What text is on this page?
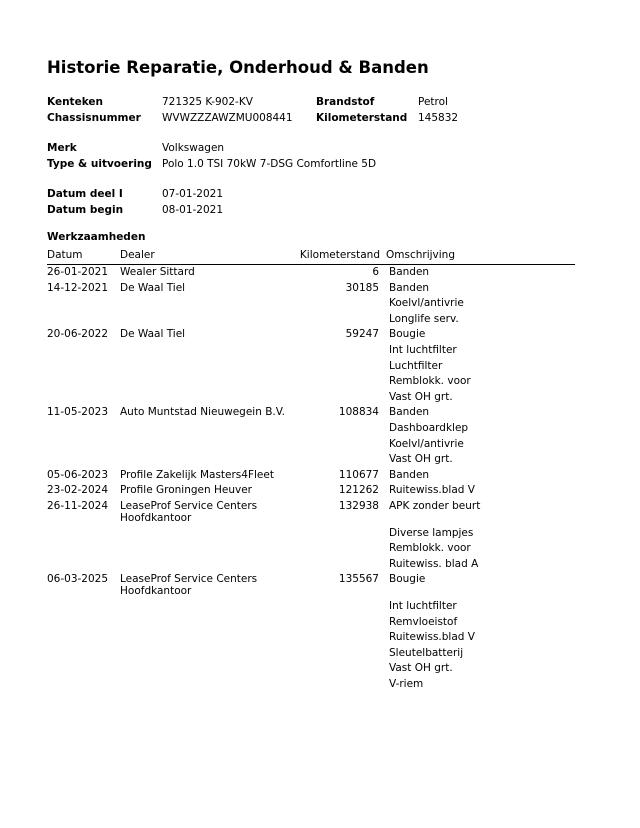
Historie Reparatie, Onderhoud & Banden
Kenteken	721325 K-902-KV	Brandstof	Petrol
Chassisnummer WVWZZZAWZMU008441 Kilometerstand 145832
Merk	Volkswagen
Type & uitvoering Polo 1.0 TSI 70kW 7-DSG Comfortline 5D
Datum deel I	07-01-2021
Datum begin	08-01-2021
Werkzaamheden
Datum	Dealer	Kilometerstand Omschrijving
26-01-2021 Wealer Sittard	6 Banden
14-12-2021 De Waal Tiel	30185 Banden
Koelvl/antivrie
Longlife serv.
20-06-2022 De Waal Tiel	59247 Bougie
Int luchtfilter
Luchtfilter
Remblokk. voor
Vast OH grt.
11-05-2023 Auto Muntstad Nieuwegein B.V.	108834 Banden
Dashboardklep
Koelvl/antivrie
Vast OH grt.
05-06-2023 Profile Zakelijk Masters4Fleet	110677 Banden
23-02-2024 Profile Groningen Heuver	121262 Ruitewiss.blad V
26-11-2024 LeaseProf Service Centers
Hoofdkantoor
132938 APK zonder beurt
Diverse lampjes
Remblokk. voor
Ruitewiss. blad A
06-03-2025 LeaseProf Service Centers
Hoofdkantoor
135567 Bougie
Int luchtfilter
Remvloeistof
Ruitewiss.blad V
Sleutelbatterij
Vast OH grt.
V-riem
